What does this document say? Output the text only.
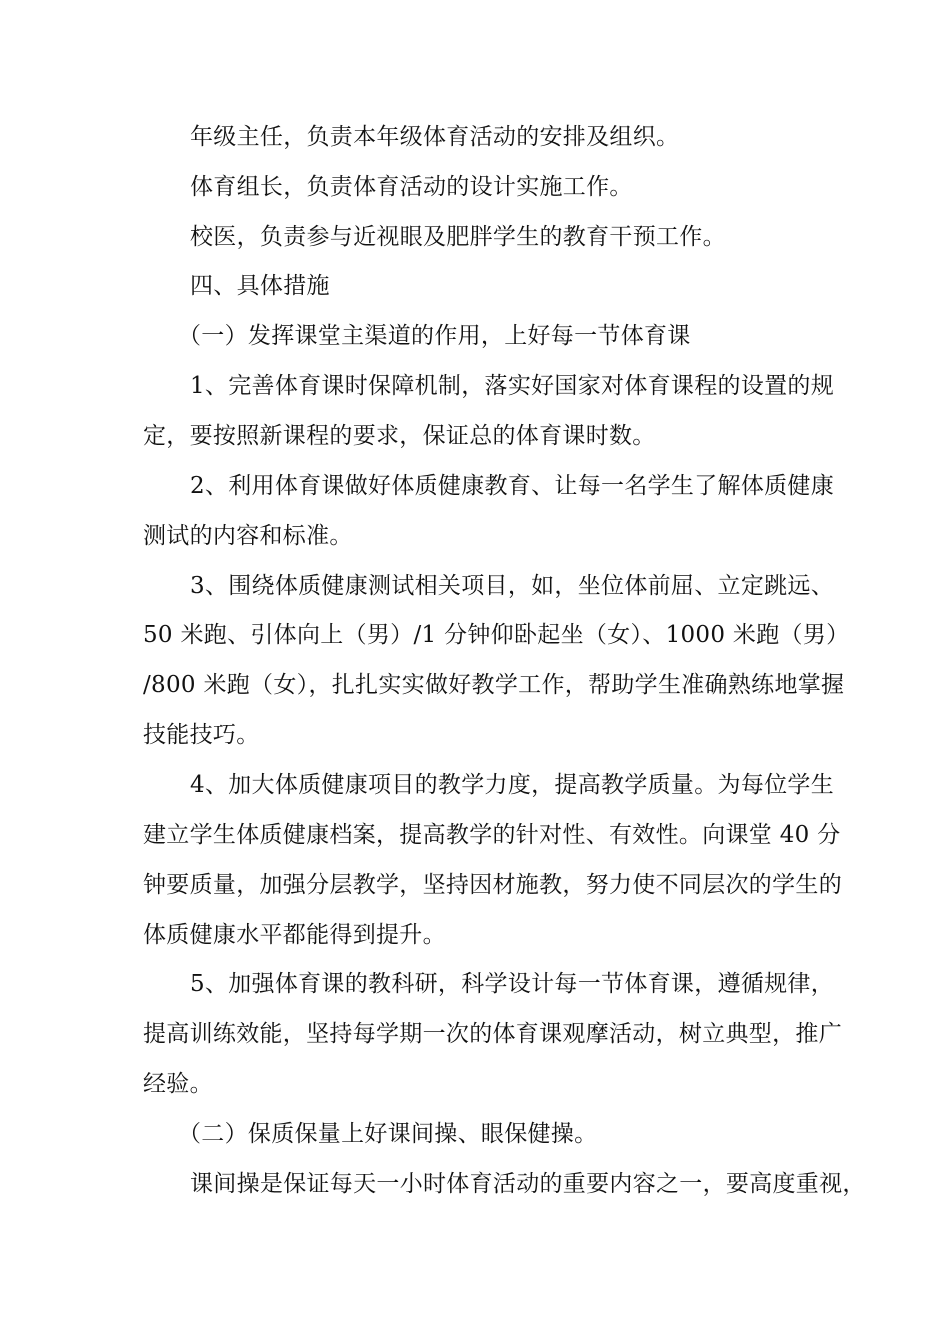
年级主任，负责本年级体育活动的安排及组织。
体育组长，负责体育活动的设计实施工作。
校医，负责参与近视眼及肥胖学生的教育干预工作。
四、具体措施
（一）发挥课堂主渠道的作用，上好每一节体育课
1、完善体育课时保障机制，落实好国家对体育课程的设置的规
定，要按照新课程的要求，保证总的体育课时数。
2、利用体育课做好体质健康教育、让每一名学生了解体质健康
测试的内容和标准。
3、围绕体质健康测试相关项目，如，坐位体前屈、立定跳远、
50 米跑、引体向上（男）/1 分钟仰卧起坐（女）、1000 米跑（男）
/800 米跑（女），扎扎实实做好教学工作，帮助学生准确熟练地掌握
技能技巧。
4、加大体质健康项目的教学力度，提高教学质量。为每位学生
建立学生体质健康档案，提高教学的针对性、有效性。向课堂 40 分
钟要质量，加强分层教学，坚持因材施教，努力使不同层次的学生的
体质健康水平都能得到提升。
5、加强体育课的教科研，科学设计每一节体育课，遵循规律，
提高训练效能，坚持每学期一次的体育课观摩活动，树立典型，推广
经验。
（二）保质保量上好课间操、眼保健操。
课间操是保证每天一小时体育活动的重要内容之一，要高度重视，
